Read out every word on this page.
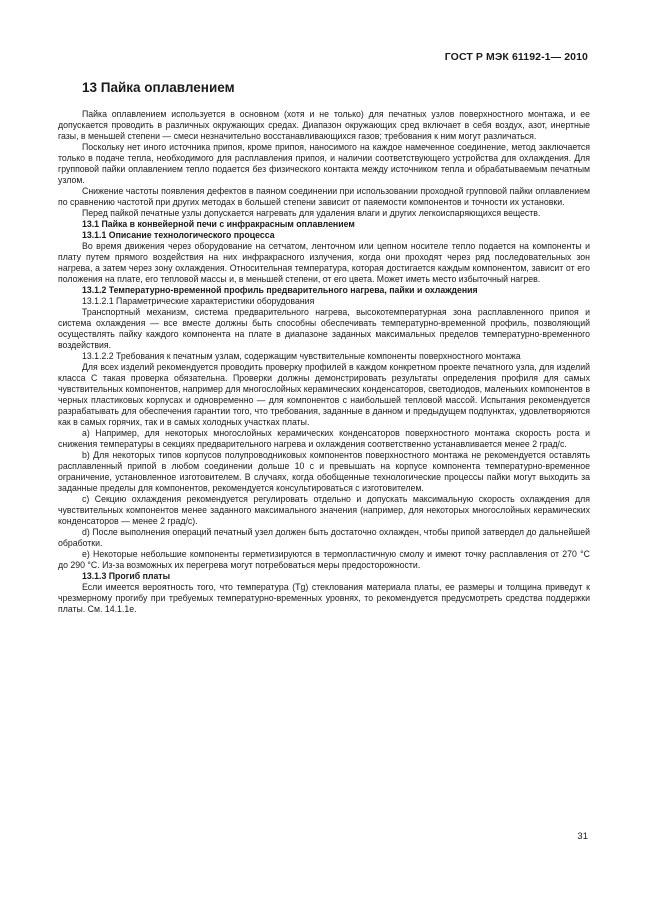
ГОСТ Р МЭК 61192-1— 2010
13 Пайка оплавлением

Пайка оплавлением используется в основном (хотя и не только) для печатных узлов поверхностного монтажа, и ее допускается проводить в различных окружающих средах. Диапазон окружающих сред включает в себя воздух, азот, инертные газы, в меньшей степени — смеси незначительно восстанавливающихся газов; требования к ним могут различаться.

Поскольку нет иного источника припоя, кроме припоя, наносимого на каждое намеченное соединение, метод заключается только в подаче тепла, необходимого для расплавления припоя, и наличии соответствующего устройства для охлаждения. Для групповой пайки оплавлением тепло подается без физического контакта между источником тепла и обрабатываемым печатным узлом.

Снижение частоты появления дефектов в паяном соединении при использовании проходной групповой пайки оплавлением по сравнению частотой при других методах в большей степени зависит от паяемости компонентов и точности их установки.

Перед пайкой печатные узлы допускается нагревать для удаления влаги и других легкоиспаряющихся веществ.

13.1 Пайка в конвейерной печи с инфракрасным оплавлением

13.1.1 Описание технологического процесса

Во время движения через оборудование на сетчатом, ленточном или цепном носителе тепло подается на компоненты и плату путем прямого воздействия на них инфракрасного излучения, когда они проходят через ряд последовательных зон нагрева, а затем через зону охлаждения. Относительная температура, которая достигается каждым компонентом, зависит от его положения на плате, его тепловой массы и, в меньшей степени, от его цвета. Может иметь место избыточный нагрев.

13.1.2 Температурно-временной профиль предварительного нагрева, пайки и охлаждения

13.1.2.1 Параметрические характеристики оборудования

Транспортный механизм, система предварительного нагрева, высокотемпературная зона расплавленного припоя и система охлаждения — все вместе должны быть способны обеспечивать температурно-временной профиль, позволяющий осуществлять пайку каждого компонента на плате в диапазоне заданных максимальных пределов температурно-временного воздействия.

13.1.2.2 Требования к печатным узлам, содержащим чувствительные компоненты поверхностного монтажа

Для всех изделий рекомендуется проводить проверку профилей в каждом конкретном проекте печатного узла, для изделий класса С такая проверка обязательна. Проверки должны демонстрировать результаты определения профиля для самых чувствительных компонентов, например для многослойных керамических конденсаторов, светодиодов, маленьких компонентов в черных пластиковых корпусах и одновременно — для компонентов с наибольшей тепловой массой. Испытания рекомендуется разрабатывать для обеспечения гарантии того, что требования, заданные в данном и предыдущем подпунктах, удовлетворяются как в самых горячих, так и в самых холодных участках платы.

a) Например, для некоторых многослойных керамических конденсаторов поверхностного монтажа скорость роста и снижения температуры в секциях предварительного нагрева и охлаждения соответственно устанавливается менее 2 град/с.

b) Для некоторых типов корпусов полупроводниковых компонентов поверхностного монтажа не рекомендуется оставлять расплавленный припой в любом соединении дольше 10 с и превышать на корпусе компонента температурно-временное ограничение, установленное изготовителем. В случаях, когда обобщенные технологические процессы пайки могут выходить за заданные пределы для компонентов, рекомендуется консультироваться с изготовителем.

c) Секцию охлаждения рекомендуется регулировать отдельно и допускать максимальную скорость охлаждения для чувствительных компонентов менее заданного максимального значения (например, для некоторых многослойных керамических конденсаторов — менее 2 град/с).

d) После выполнения операций печатный узел должен быть достаточно охлажден, чтобы припой затвердел до дальнейшей обработки.

e) Некоторые небольшие компоненты герметизируются в термопластичную смолу и имеют точку расплавления от 270 °С до 290 °С. Из-за возможных их перегрева могут потребоваться меры предосторожности.

13.1.3 Прогиб платы

Если имеется вероятность того, что температура (Tg) стеклования материала платы, ее размеры и толщина приведут к чрезмерному прогибу при требуемых температурно-временных уровнях, то рекомендуется предусмотреть средства поддержки платы. См. 14.1.1е.

31
